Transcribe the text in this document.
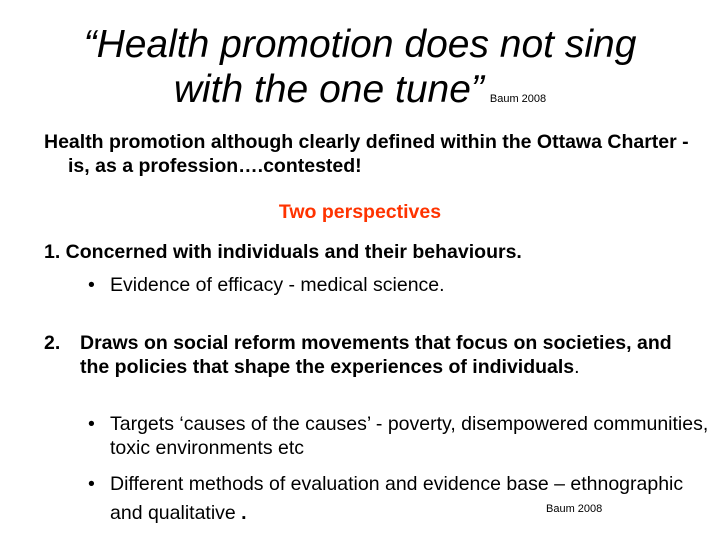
“Health promotion does not sing
with the one tune” Baum 2008
Health promotion although clearly defined within the Ottawa Charter - is, as a profession….contested!
Two perspectives
1. Concerned with individuals and their behaviours.
• Evidence of efficacy - medical science.
2. Draws on social reform movements that focus on societies, and the policies that shape the experiences of individuals.
• Targets ‘causes of the causes’ - poverty, disempowered communities, toxic environments etc
• Different methods of evaluation and evidence base – ethnographic and qualitative .	Baum 2008
